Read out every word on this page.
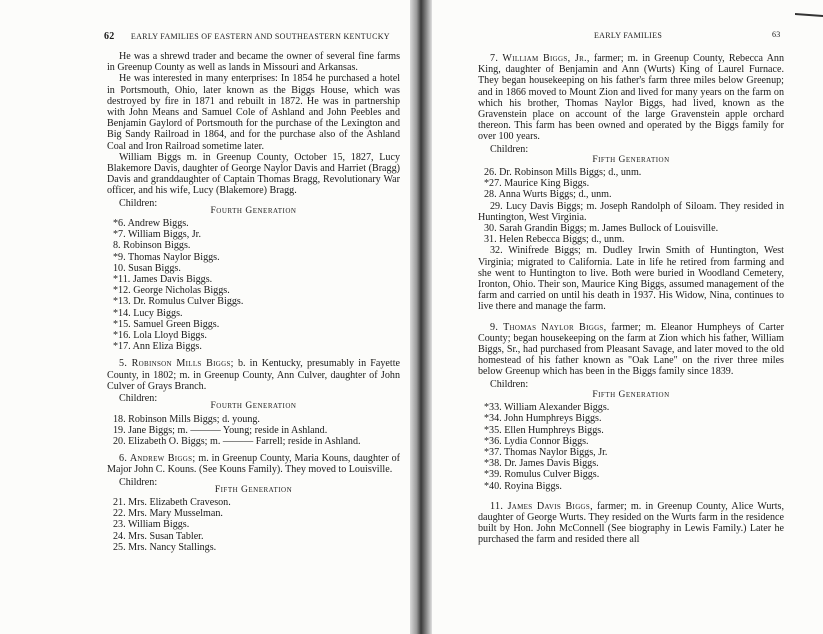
62 EARLY FAMILIES OF EASTERN AND SOUTHEASTERN KENTUCKY

He was a shrewd trader and became the owner of several fine farms in Greenup County as well as lands in Missouri and Arkansas.

He was interested in many enterprises: In 1854 he purchased a hotel in Portsmouth, Ohio, later known as the Biggs House, which was destroyed by fire in 1871 and rebuilt in 1872. He was in partnership with John Means and Samuel Cole of Ashland and John Peebles and Benjamin Gaylord of Portsmouth for the purchase of the Lexington and Big Sandy Railroad in 1864, and for the purchase also of the Ashland Coal and Iron Railroad sometime later.

William Biggs m. in Greenup County, October 15, 1827, Lucy Blakemore Davis, daughter of George Naylor Davis and Harriet (Bragg) Davis and granddaughter of Captain Thomas Bragg, Revolutionary War officer, and his wife, Lucy (Blakemore) Bragg.

Children:
Fourth Generation
*6. Andrew Biggs.
*7. William Biggs, Jr.
8. Robinson Biggs.
*9. Thomas Naylor Biggs.
10. Susan Biggs.
*11. James Davis Biggs.
*12. George Nicholas Biggs.
*13. Dr. Romulus Culver Biggs.
*14. Lucy Biggs.
*15. Samuel Green Biggs.
*16. Lola Lloyd Biggs.
*17. Ann Eliza Biggs.

5. Robinson Mills Biggs; b. in Kentucky, presumably in Fayette County, in 1802; m. in Greenup County, Ann Culver, daughter of John Culver of Grays Branch.

Children:
Fourth Generation
18. Robinson Mills Biggs; d. young.
19. Jane Biggs; m. ——— Young; reside in Ashland.
20. Elizabeth O. Biggs; m. ——— Farrell; reside in Ashland.

6. Andrew Biggs; m. in Greenup County, Maria Kouns, daughter of Major John C. Kouns. (See Kouns Family). They moved to Louisville.

Children:
Fifth Generation
21. Mrs. Elizabeth Craveson.
22. Mrs. Mary Musselman.
23. William Biggs.
24. Mrs. Susan Tabler.
25. Mrs. Nancy Stallings.
EARLY FAMILIES	63

7. William Biggs, Jr., farmer; m. in Greenup County, Rebecca Ann King, daughter of Benjamin and Ann (Wurts) King of Laurel Furnace. They began housekeeping on his father's farm three miles below Greenup; and in 1866 moved to Mount Zion and lived for many years on the farm on which his brother, Thomas Naylor Biggs, had lived, known as the Gravenstein place on account of the large Gravenstein apple orchard thereon. This farm has been owned and operated by the Biggs family for over 100 years.

Children:
Fifth Generation
26. Dr. Robinson Mills Biggs; d., unm.
*27. Maurice King Biggs.
28. Anna Wurts Biggs; d., unm.

29. Lucy Davis Biggs; m. Joseph Randolph of Siloam. They resided in Huntington, West Virginia.

30. Sarah Grandin Biggs; m. James Bullock of Louisville.
31. Helen Rebecca Biggs; d., unm.

32. Winifrede Biggs; m. Dudley Irwin Smith of Huntington, West Virginia; migrated to California. Late in life he retired from farming and she went to Huntington to live. Both were buried in Woodland Cemetery, Ironton, Ohio. Their son, Maurice King Biggs, assumed management of the farm and carried on until his death in 1937. His Widow, Nina, continues to live there and manage the farm.

9. Thomas Naylor Biggs, farmer; m. Eleanor Humpheys of Carter County; began housekeeping on the farm at Zion which his father, William Biggs, Sr., had purchased from Pleasant Savage, and later moved to the old homestead of his father known as "Oak Lane" on the river three miles below Greenup which has been in the Biggs family since 1839.

Children:
Fifth Generation
*33. William Alexander Biggs.
*34. John Humphreys Biggs.
*35. Ellen Humphreys Biggs.
*36. Lydia Connor Biggs.
*37. Thomas Naylor Biggs, Jr.
*38. Dr. James Davis Biggs.
*39. Romulus Culver Biggs.
*40. Royina Biggs.

11. James Davis Biggs, farmer; m. in Greenup County, Alice Wurts, daughter of George Wurts. They resided on the Wurts farm in the residence built by Hon. John McConnell (See biography in Lewis Family.) Later he purchased the farm and resided there all
